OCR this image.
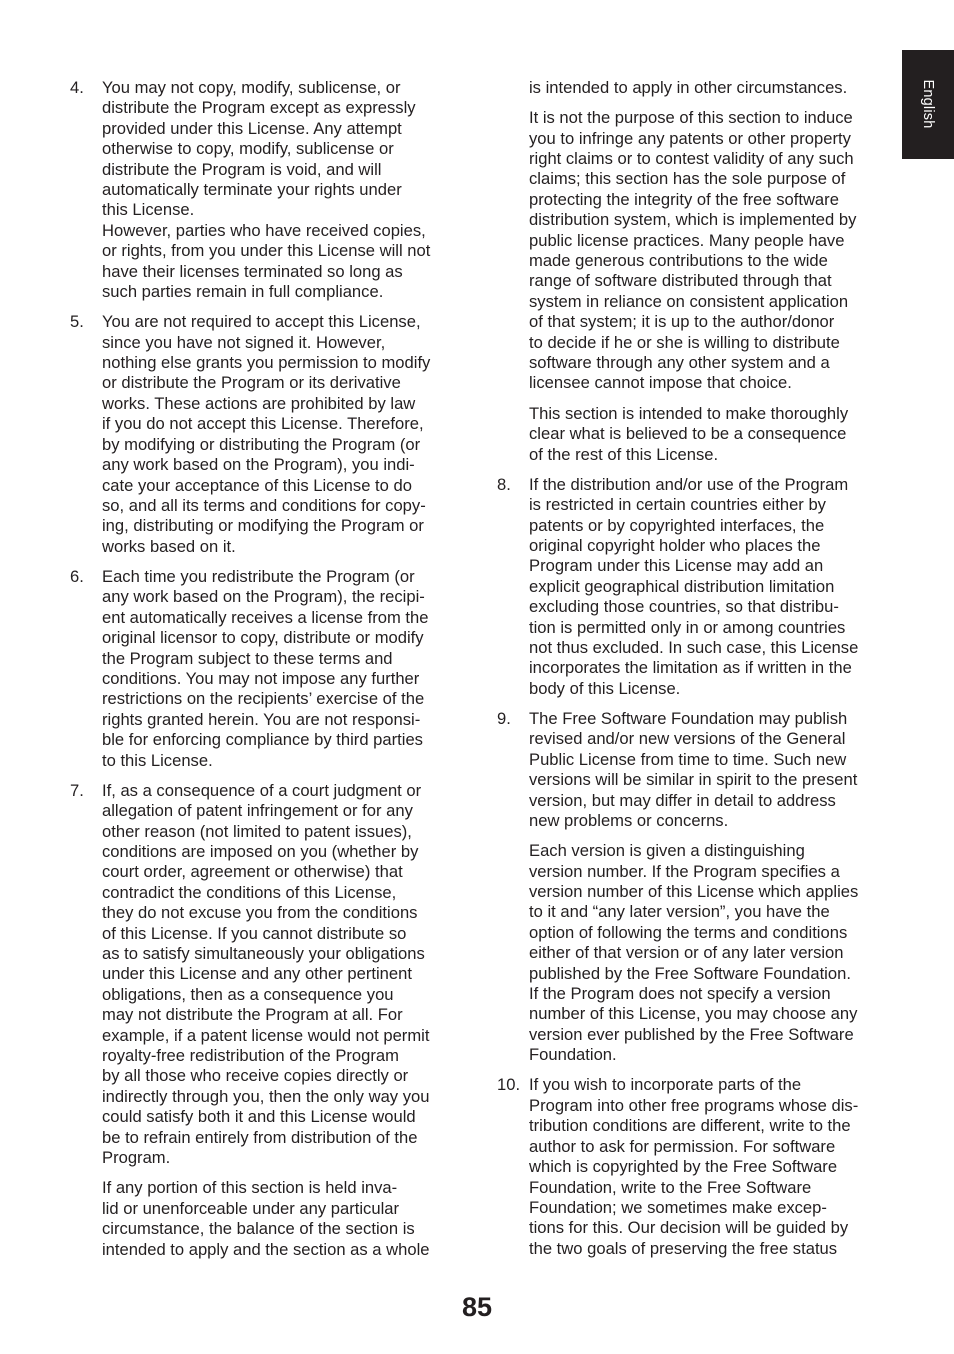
English
4. You may not copy, modify, sublicense, or
distribute the Program except as expressly
provided under this License. Any attempt
otherwise to copy, modify, sublicense or
distribute the Program is void, and will
automatically terminate your rights under
this License.
However, parties who have received copies,
or rights, from you under this License will not
have their licenses terminated so long as
such parties remain in full compliance.
5. You are not required to accept this License,
since you have not signed it. However,
nothing else grants you permission to modify
or distribute the Program or its derivative
works. These actions are prohibited by law
if you do not accept this License. Therefore,
by modifying or distributing the Program (or
any work based on the Program), you indi-
cate your acceptance of this License to do
so, and all its terms and conditions for copy-
ing, distributing or modifying the Program or
works based on it.
6. Each time you redistribute the Program (or
any work based on the Program), the recipi-
ent automatically receives a license from the
original licensor to copy, distribute or modify
the Program subject to these terms and
conditions. You may not impose any further
restrictions on the recipients’ exercise of the
rights granted herein. You are not responsi-
ble for enforcing compliance by third parties
to this License.
7. If, as a consequence of a court judgment or
allegation of patent infringement or for any
other reason (not limited to patent issues),
conditions are imposed on you (whether by
court order, agreement or otherwise) that
contradict the conditions of this License,
they do not excuse you from the conditions
of this License. If you cannot distribute so
as to satisfy simultaneously your obligations
under this License and any other pertinent
obligations, then as a consequence you
may not distribute the Program at all. For
example, if a patent license would not permit
royalty-free redistribution of the Program
by all those who receive copies directly or
indirectly through you, then the only way you
could satisfy both it and this License would
be to refrain entirely from distribution of the
Program.
If any portion of this section is held inva-
lid or unenforceable under any particular
circumstance, the balance of the section is
intended to apply and the section as a whole
is intended to apply in other circumstances.
It is not the purpose of this section to induce
you to infringe any patents or other property
right claims or to contest validity of any such
claims; this section has the sole purpose of
protecting the integrity of the free software
distribution system, which is implemented by
public license practices. Many people have
made generous contributions to the wide
range of software distributed through that
system in reliance on consistent application
of that system; it is up to the author/donor
to decide if he or she is willing to distribute
software through any other system and a
licensee cannot impose that choice.
This section is intended to make thoroughly
clear what is believed to be a consequence
of the rest of this License.
8. If the distribution and/or use of the Program
is restricted in certain countries either by
patents or by copyrighted interfaces, the
original copyright holder who places the
Program under this License may add an
explicit geographical distribution limitation
excluding those countries, so that distribu-
tion is permitted only in or among countries
not thus excluded. In such case, this License
incorporates the limitation as if written in the
body of this License.
9. The Free Software Foundation may publish
revised and/or new versions of the General
Public License from time to time. Such new
versions will be similar in spirit to the present
version, but may differ in detail to address
new problems or concerns.
Each version is given a distinguishing
version number. If the Program specifies a
version number of this License which applies
to it and “any later version”, you have the
option of following the terms and conditions
either of that version or of any later version
published by the Free Software Foundation.
If the Program does not specify a version
number of this License, you may choose any
version ever published by the Free Software
Foundation.
10. If you wish to incorporate parts of the
Program into other free programs whose dis-
tribution conditions are different, write to the
author to ask for permission. For software
which is copyrighted by the Free Software
Foundation, write to the Free Software
Foundation; we sometimes make excep-
tions for this. Our decision will be guided by
the two goals of preserving the free status
85
